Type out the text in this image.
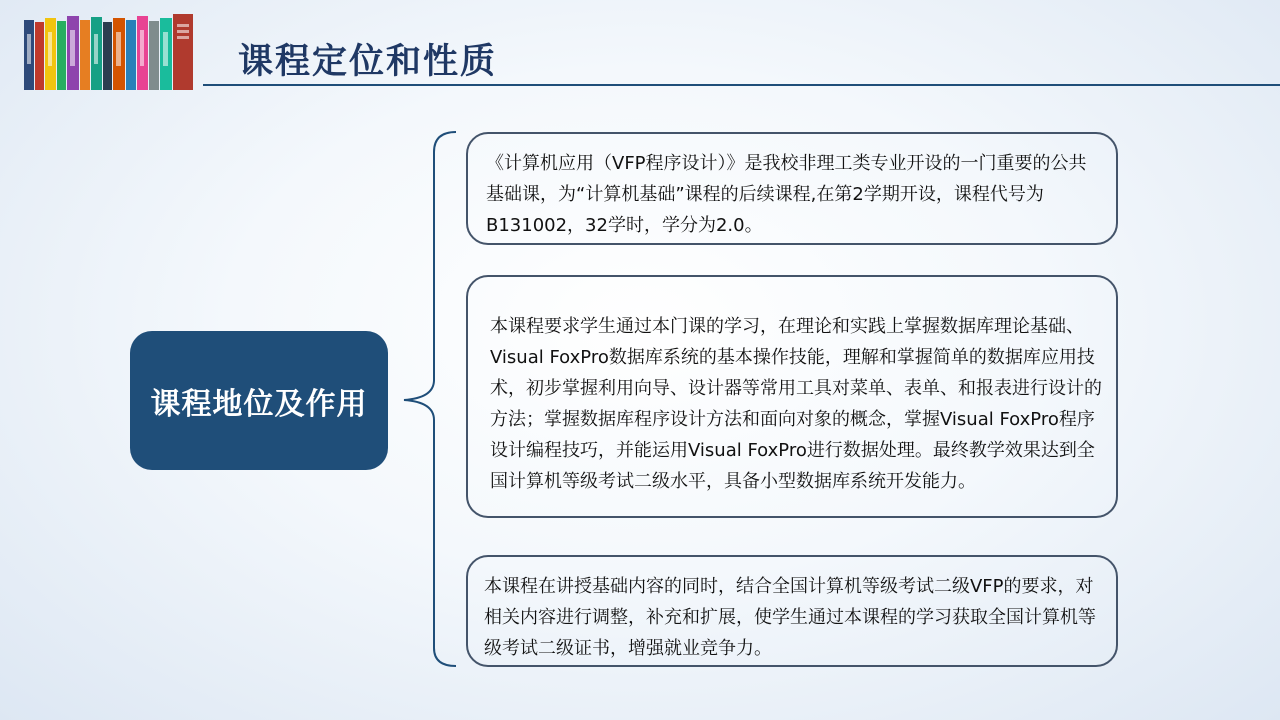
课程定位和性质
课程地位及作用

《计算机应用（VFP程序设计）》是我校非理工类专业开设的一门重要的公共基础课，为“计算机基础”课程的后续课程,在第2学期开设，课程代号为B131002，32学时，学分为2.0。

本课程要求学生通过本门课的学习，在理论和实践上掌握数据库理论基础、Visual FoxPro数据库系统的基本操作技能，理解和掌握简单的数据库应用技术，初步掌握利用向导、设计器等常用工具对菜单、表单、和报表进行设计的方法；掌握数据库程序设计方法和面向对象的概念，掌握Visual FoxPro程序设计编程技巧，并能运用Visual FoxPro进行数据处理。最终教学效果达到全国计算机等级考试二级水平，具备小型数据库系统开发能力。

本课程在讲授基础内容的同时，结合全国计算机等级考试二级VFP的要求，对相关内容进行调整，补充和扩展，使学生通过本课程的学习获取全国计算机等级考试二级证书，增强就业竞争力。
